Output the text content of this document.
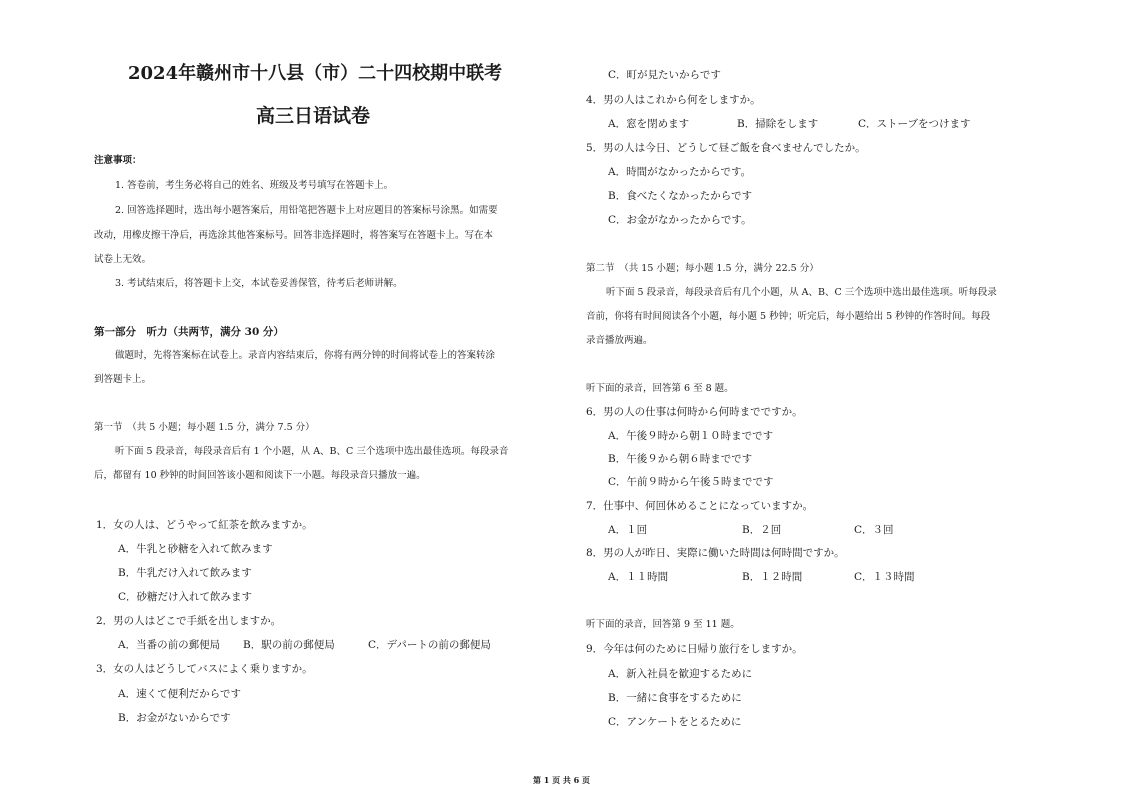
2024年赣州市十八县（市）二十四校期中联考
高三日语试卷
注意事项：
1. 答卷前，考生务必将自己的姓名、班级及考号填写在答题卡上。
2. 回答选择题时，选出每小题答案后，用铅笔把答题卡上对应题目的答案标号涂黑。如需要
改动，用橡皮擦干净后，再选涂其他答案标号。回答非选择题时，将答案写在答题卡上。写在本
试卷上无效。
3. 考试结束后，将答题卡上交，本试卷妥善保管，待考后老师讲解。
第一部分　听力（共两节，满分 30 分）
做题时，先将答案标在试卷上。录音内容结束后，你将有两分钟的时间将试卷上的答案转涂
到答题卡上。
第一节　（共 5 小题；每小题 1.5 分，满分 7.5 分）
听下面 5 段录音，每段录音后有 1 个小题，从 A、B、C 三个选项中选出最佳选项。每段录音
后，都留有 10 秒钟的时间回答该小题和阅读下一小题。每段录音只播放一遍。
1．女の人は、どうやって紅茶を飲みますか。
A．牛乳と砂糖を入れて飲みます
B．牛乳だけ入れて飲みます
C．砂糖だけ入れて飲みます
2．男の人はどこで手紙を出しますか。
A．当番の前の郵便局 B．駅の前の郵便局	C．デパートの前の郵便局
3．女の人はどうしてバスによく乗りますか。
A．速くて便利だからです
B．お金がないからです
C．町が見たいからです
4．男の人はこれから何をしますか。
A．窓を閉めます	B．掃除をします	C．ストーブをつけます
5．男の人は今日、どうして昼ご飯を食べませんでしたか。
A．時間がなかったからです。
B．食べたくなかったからです
C．お金がなかったからです。
第二节　（共 15 小题；每小题 1.5 分，满分 22.5 分）
听下面 5 段录音，每段录音后有几个小题，从 A、B、C 三个选项中选出最佳选项。听每段录
音前，你将有时间阅读各个小题，每小题 5 秒钟；听完后，每小题给出 5 秒钟的作答时间。每段
录音播放两遍。
听下面的录音，回答第 6 至 8 题。
6．男の人の仕事は何時から何時までですか。
A．午後９時から朝１０時までです
B．午後９から朝６時までです
C．午前９時から午後５時までです
7．仕事中、何回休めることになっていますか。
A．１回	B．２回	C．３回
8．男の人が昨日、実際に働いた時間は何時間ですか。
A．１１時間	B．１２時間	C．１３時間
听下面的录音，回答第 9 至 11 题。
9．今年は何のために日帰り旅行をしますか。
A．新入社員を歓迎するために
B．一緒に食事をするために
C．アンケートをとるために
第 1 页 共 6 页
